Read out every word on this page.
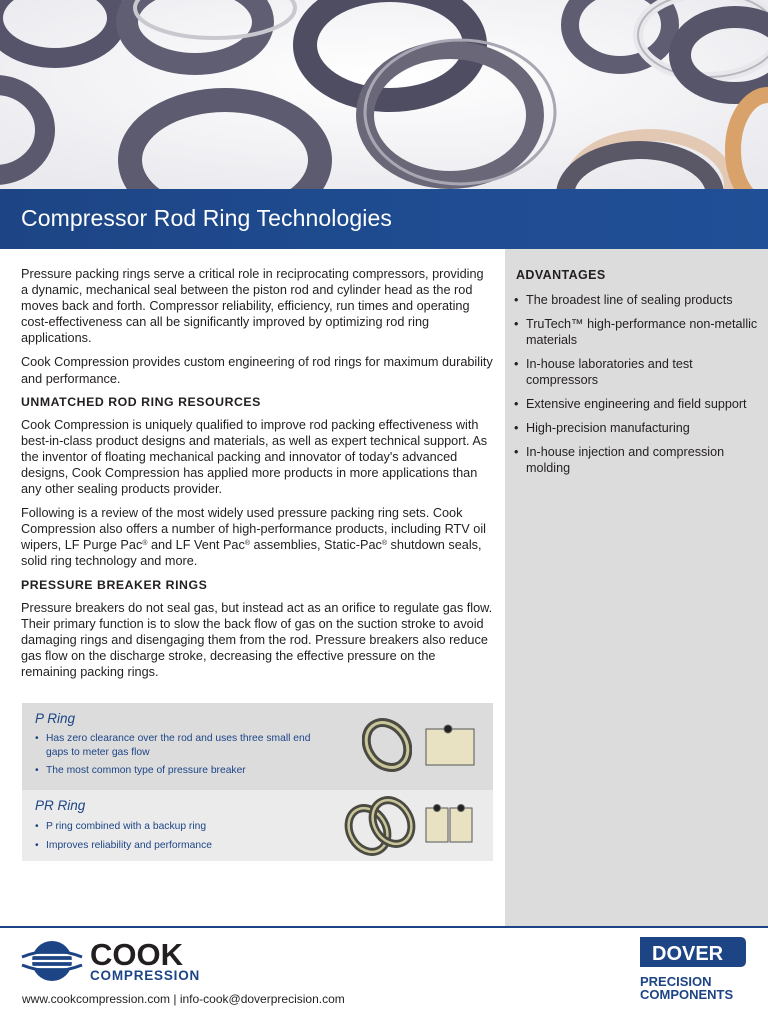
Compressor Rod Ring Technologies
ADVANTAGES
• The broadest line of sealing products
• TruTech™ high-performance non-metallic materials
• In-house laboratories and test compressors
• Extensive engineering and field support
• High-precision manufacturing
• In-house injection and compression molding

Pressure packing rings serve a critical role in reciprocating compressors, providing a dynamic, mechanical seal between the piston rod and cylinder head as the rod moves back and forth. Compressor reliability, efficiency, run times and operating cost-effectiveness can all be significantly improved by optimizing rod ring applications.

Cook Compression provides custom engineering of rod rings for maximum durability and performance.

UNMATCHED ROD RING RESOURCES

Cook Compression is uniquely qualified to improve rod packing effectiveness with best-in-class product designs and materials, as well as expert technical support. As the inventor of floating mechanical packing and innovator of today's advanced designs, Cook Compression has applied more products in more applications than any other sealing products provider.

Following is a review of the most widely used pressure packing ring sets. Cook Compression also offers a number of high-performance products, including RTV oil wipers, LF Purge Pac® and LF Vent Pac® assemblies, Static-Pac® shutdown seals, solid ring technology and more.

PRESSURE BREAKER RINGS

Pressure breakers do not seal gas, but instead act as an orifice to regulate gas flow. Their primary function is to slow the back flow of gas on the suction stroke to avoid damaging rings and disengaging them from the rod. Pressure breakers also reduce gas flow on the discharge stroke, decreasing the effective pressure on the remaining packing rings.

P Ring
• Has zero clearance over the rod and uses three small end gaps to meter gas flow
• The most common type of pressure breaker
PR Ring
• P ring combined with a backup ring
• Improves reliability and performance
COOK
COMPRESSION
www.cookcompression.com | info-cook@doverprecision.com
DOVER
PRECISION
COMPONENTS
